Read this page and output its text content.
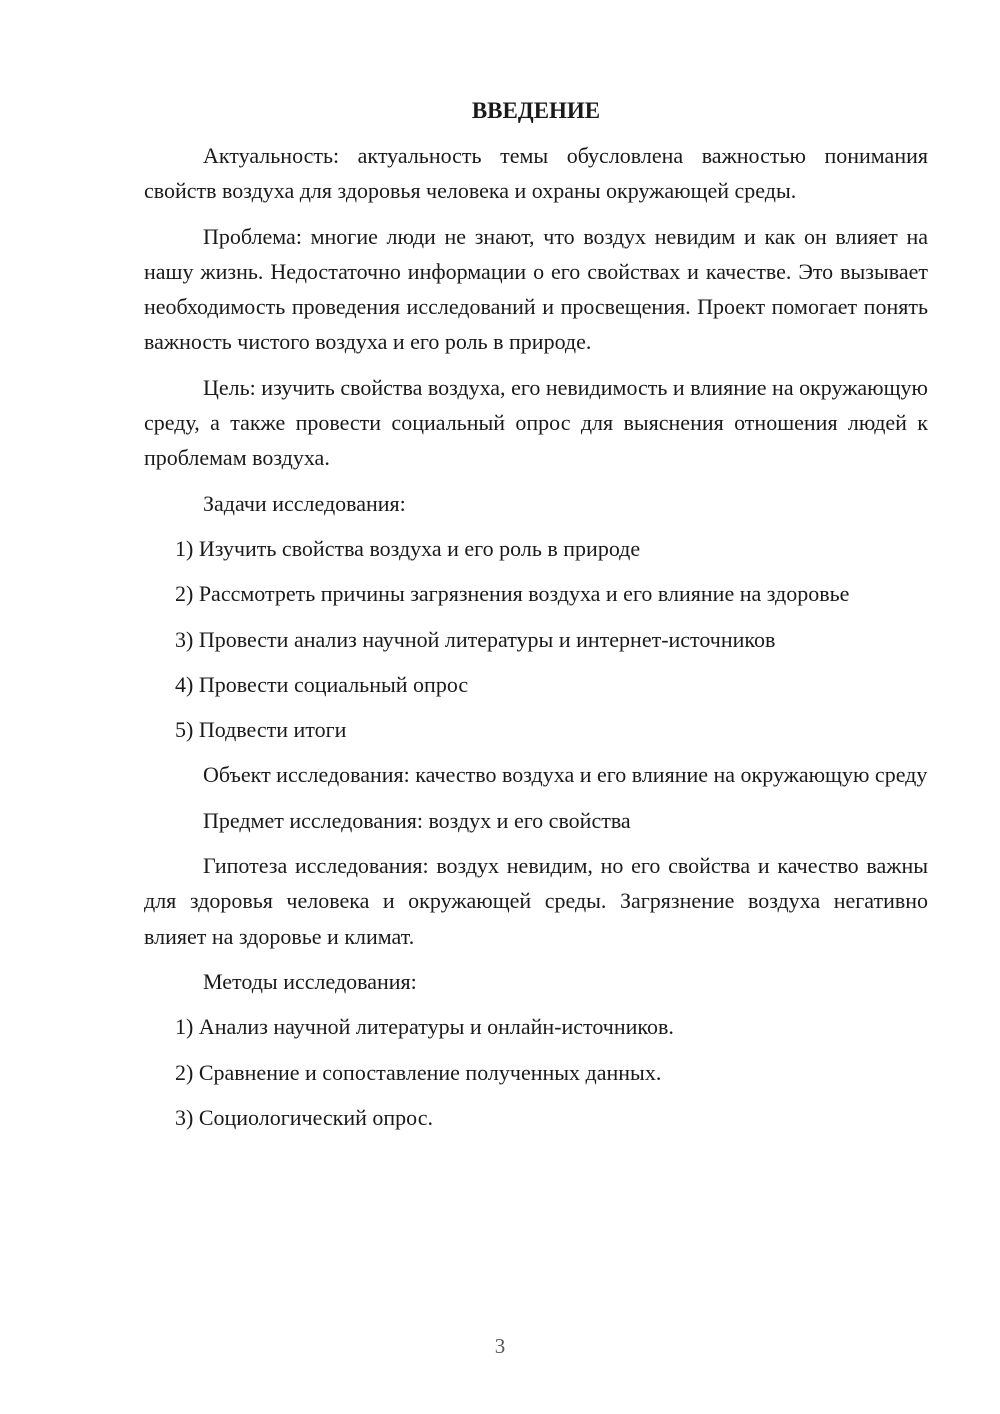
ВВЕДЕНИЕ

Актуальность: актуальность темы обусловлена важностью понимания свойств воздуха для здоровья человека и охраны окружающей среды.

Проблема: многие люди не знают, что воздух невидим и как он влияет на нашу жизнь. Недостаточно информации о его свойствах и качестве. Это вызывает необходимость проведения исследований и просвещения. Проект помогает понять важность чистого воздуха и его роль в природе.

Цель: изучить свойства воздуха, его невидимость и влияние на окружающую среду, а также провести социальный опрос для выяснения отношения людей к проблемам воздуха.

Задачи исследования:

1) Изучить свойства воздуха и его роль в природе

2) Рассмотреть причины загрязнения воздуха и его влияние на здоровье

3) Провести анализ научной литературы и интернет-источников

4) Провести социальный опрос

5) Подвести итоги

Объект исследования: качество воздуха и его влияние на окружающую среду

Предмет исследования: воздух и его свойства

Гипотеза исследования: воздух невидим, но его свойства и качество важны для здоровья человека и окружающей среды. Загрязнение воздуха негативно влияет на здоровье и климат.

Методы исследования:

1) Анализ научной литературы и онлайн-источников.

2) Сравнение и сопоставление полученных данных.

3) Социологический опрос.

3
